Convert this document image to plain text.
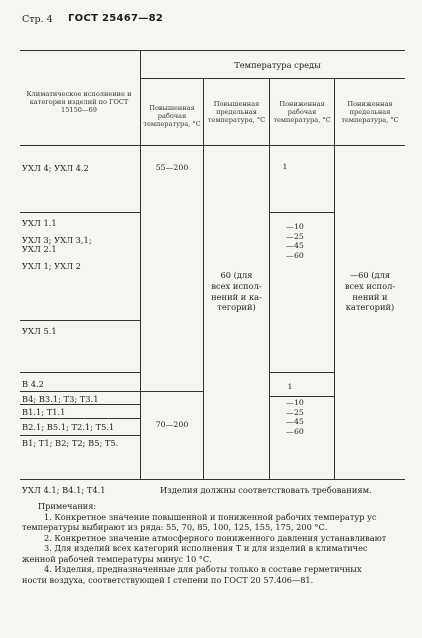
Стр. 4 ГОСТ 25467—82
Температура среды
Климатическое исполнение и категория изделий по ГОСТ 15150—69	Повышенная рабочая температура, °С
Повышенная предельная температура, °С
Пониженная рабочая температура, °С
Пониженная предельная температура, °С
УХЛ 4; УХЛ 4.2
УХЛ 1.1
УХЛ 3; УХЛ 3,1;
УХЛ 2.1
УХЛ 1; УХЛ 2
УХЛ 5.1
В 4.2
В4; В3.1; Т3; Т3.1
В1.1; Т1.1
В2.1; В5.1; Т2.1; Т5.1
В1; Т1; В2; Т2; В5; Т5.
55—200
70—200
60 (для
всех испол-
нений и ка-
тегорий)
1
—10
—25
—45
—60
1
—10
—25
—45
—60
—60 (для
всех испол-
нений и
категорий)
УХЛ 4.1; В4.1; Т4.1	Изделия должны соответствовать требованиям.

Примечания:

1. Конкретное значение повышенной и пониженной рабочих температур ус

температуры выбирают из ряда: 55, 70, 85, 100, 125, 155, 175, 200 °С.

2. Конкретное значение атмосферного пониженного давления устанавливают

3. Для изделий всех категорий исполнения Т и для изделий в климатичес

женной рабочей температуры минус 10 °С.

4. Изделия, предназначенные для работы только в составе герметичных

ности воздуха, соответствующей I степени по ГОСТ 20 57.406—81.
